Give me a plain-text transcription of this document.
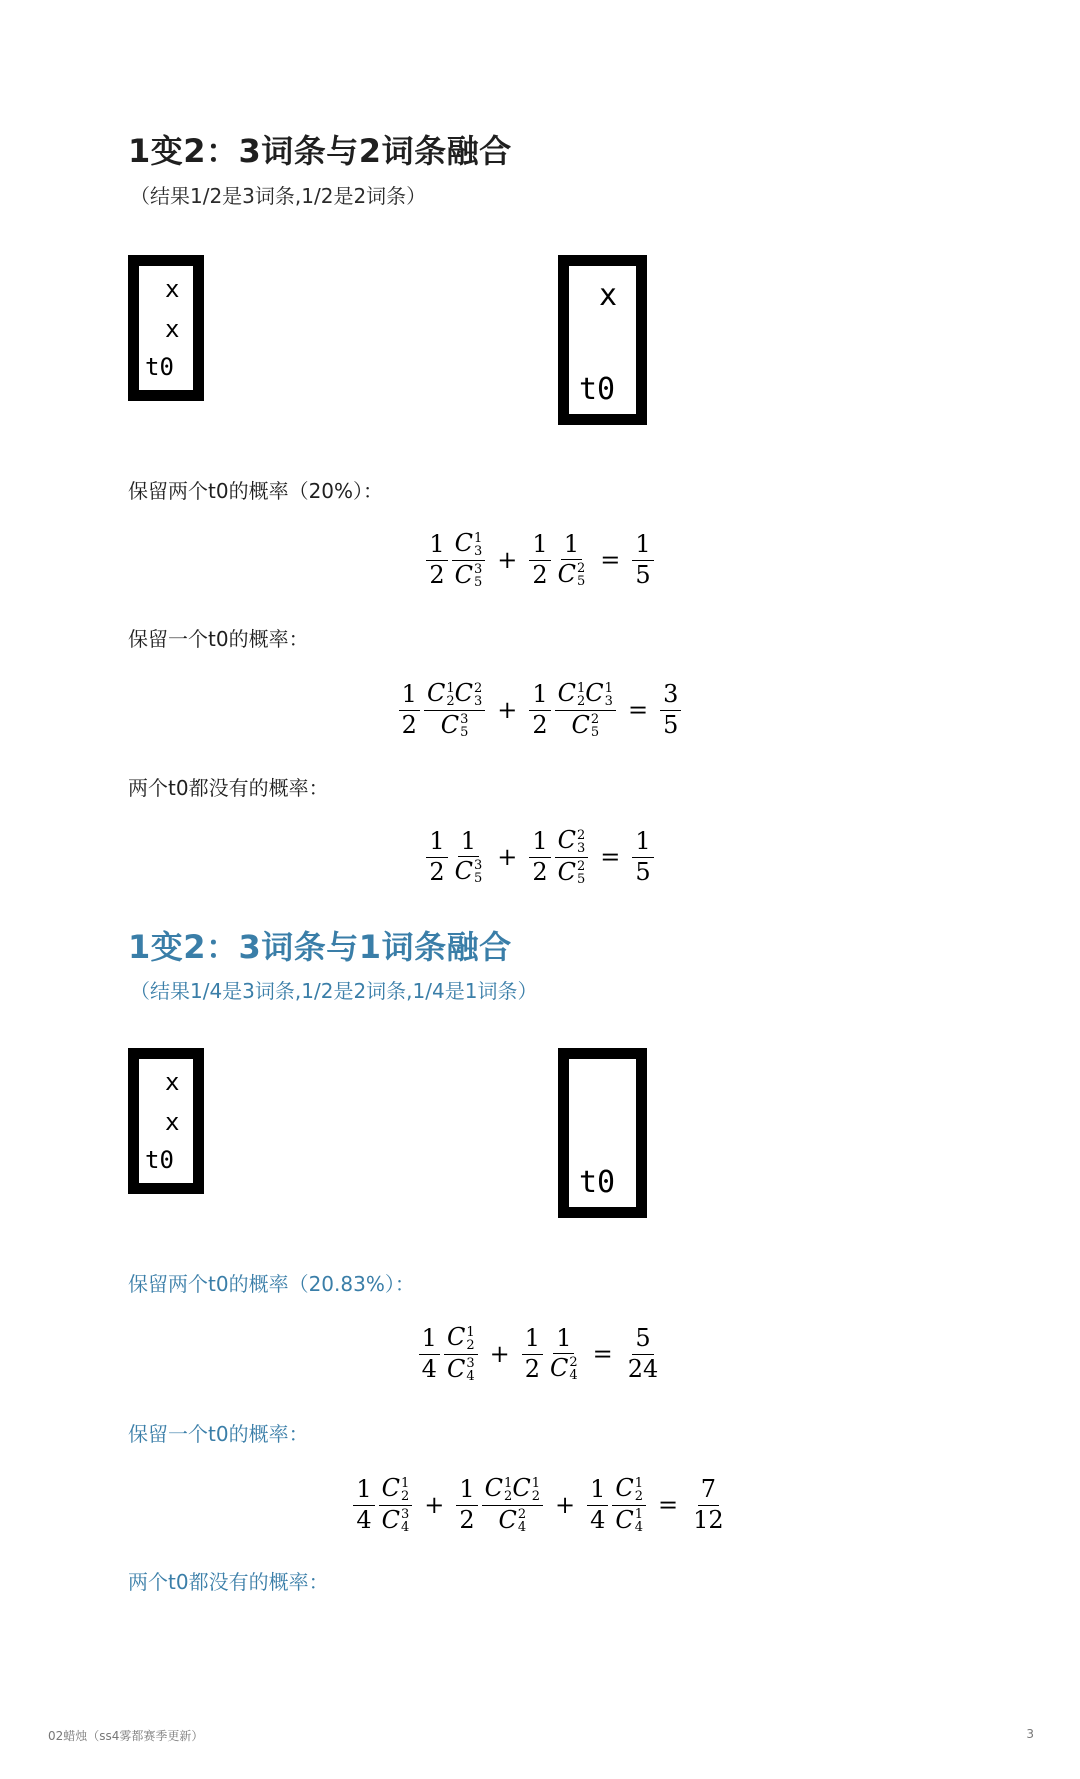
1变2：3词条与2词条融合
（结果1/2是3词条,1/2是2词条）
x
x
t0
x
t0
保留两个t0的概率（20%）：
$\frac{1}{2}$ C 1
3
C 3
$5 + \frac{1}{2} 1$
C 2
$5 = \frac{1}{5}$
保留一个t0的概率：
$\frac{1}{2}$ C 1
2 C 2
3
C 3
$5 + \frac{1}{2}$ C 1
2 C 1
3
C 2
$5 = \frac{3}{5}$
两个t0都没有的概率：
$\frac{1}{2} 1$
C 3
$5 + \frac{1}{2}$ C 2
3
C 2
$5 = \frac{1}{5}$
1变2：3词条与1词条融合
（结果1/4是3词条,1/2是2词条,1/4是1词条）
x
x
t0
t0
保留两个t0的概率（20.83%）：
$\frac{1}{4}$ C 1
2
C 3
$4 + \frac{1}{2} 1$
C 2
$4 = \frac{5}{24}$
保留一个t0的概率：
$\frac{1}{4}$ C 1
2
C 3
$4 + \frac{1}{2}$ C 1
2 C 1
2
C 2
$4 + \frac{1}{4}$ C 1
2
C 1
$4 = \frac{7}{12}$
两个t0都没有的概率：
02蜡烛（ss4雾都赛季更新）	3
